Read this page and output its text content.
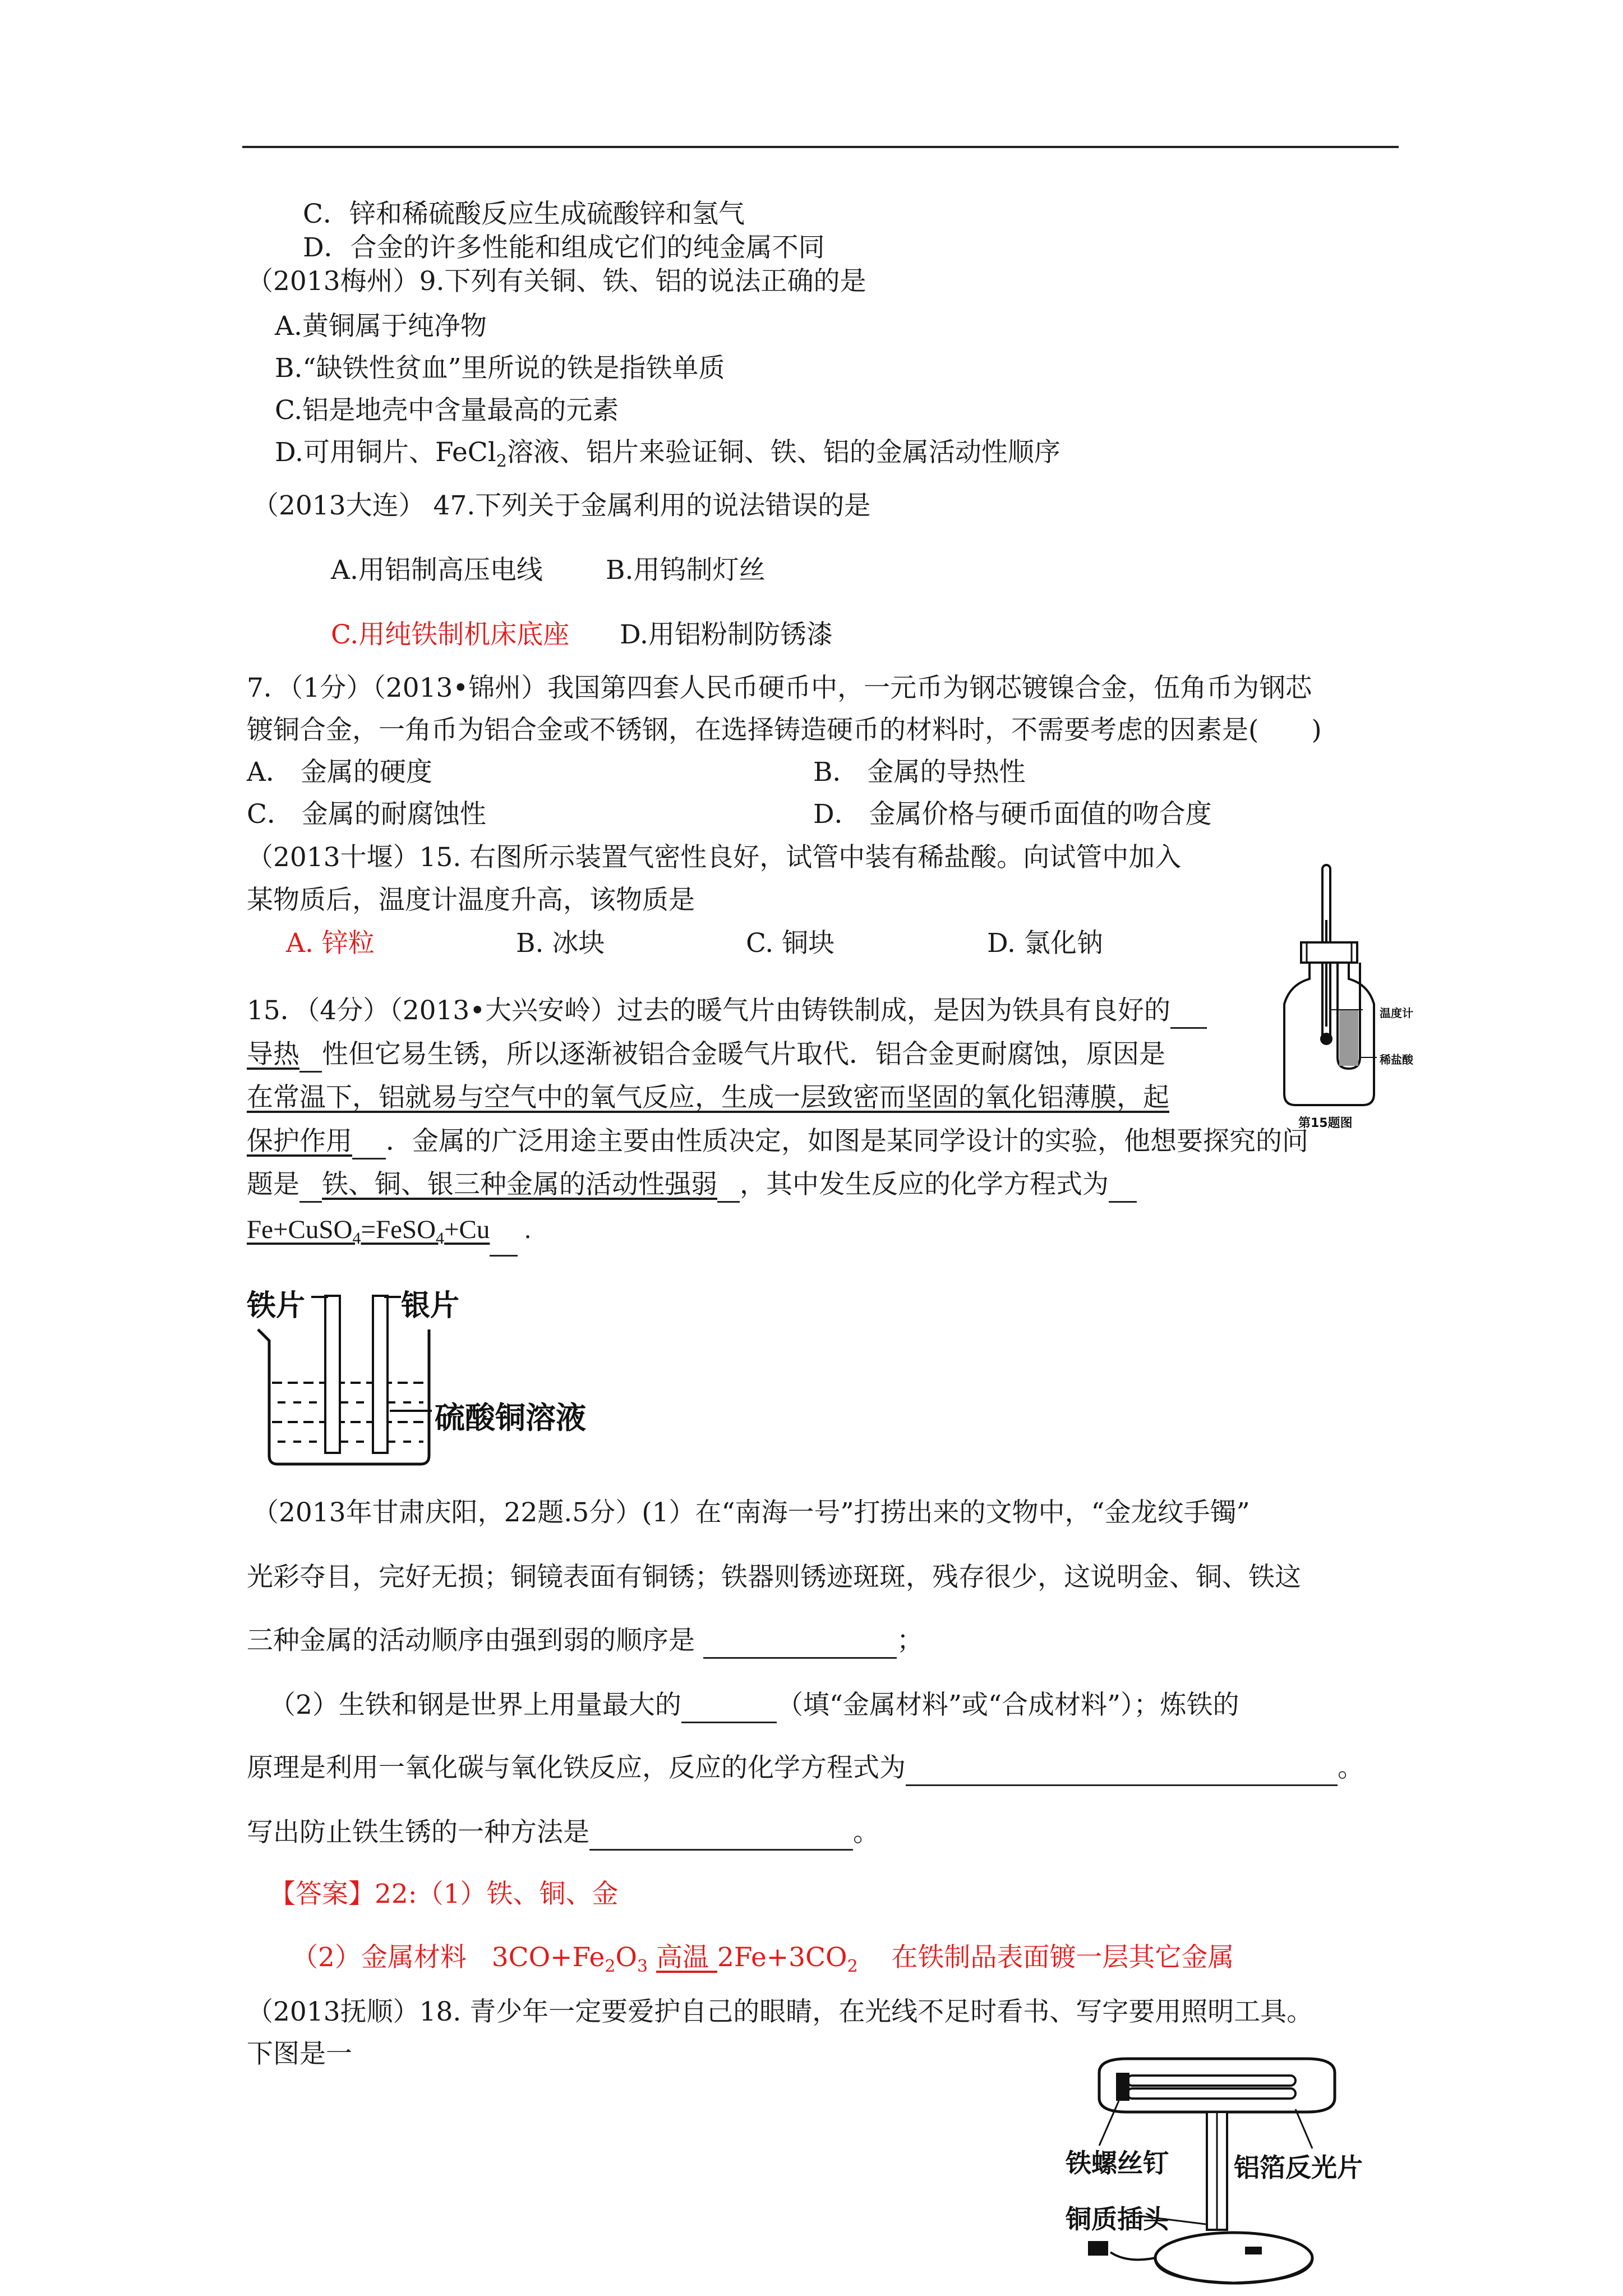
C．锌和稀硫酸反应生成硫酸锌和氢气
D．合金的许多性能和组成它们的纯金属不同
（2013梅州）9.下列有关铜、铁、铝的说法正确的是
A.黄铜属于纯净物
B.“缺铁性贫血”里所说的铁是指铁单质
C.铝是地壳中含量最高的元素
D.可用铜片、FeCl$_2$溶液、铝片来验证铜、铁、铝的金属活动性顺序
（2013大连） 47.下列关于金属利用的说法错误的是
A.用铝制高压电线 B.用钨制灯丝
C.用纯铁制机床底座 D.用铝粉制防锈漆
7．（1分）（2013•锦州）我国第四套人民币硬币中，一元币为钢芯镀镍合金，伍角币为钢芯
镀铜合金，一角币为铝合金或不锈钢，在选择铸造硬币的材料时，不需要考虑的因素是(　　)
A． 金属的硬度	B． 金属的导热性
C． 金属的耐腐蚀性	D． 金属价格与硬币面值的吻合度
（2013十堰）15. 右图所示装置气密性良好，试管中装有稀盐酸。向试管中加入
某物质后，温度计温度升高，该物质是
A. 锌粒	B. 冰块	C. 铜块	D. 氯化钠
温度计
稀盐酸
第15题图
15．（4分）（2013•大兴安岭）过去的暖气片由铸铁制成，是因为铁具有良好的
导热 性但它易生锈，所以逐渐被铝合金暖气片取代．铝合金更耐腐蚀，原因是
在常温下，铝就易与空气中的氧气反应，生成一层致密而坚固的氧化铝薄膜，起
保护作用 ．金属的广泛用途主要由性质决定，如图是某同学设计的实验，他想要探究的问
题是 铁、铜、银三种金属的活动性强弱 ，其中发生反应的化学方程式为
Fe+CuSO$_4$=FeSO$_4$+Cu .
铁片	银片
硫酸铜溶液
（2013年甘肃庆阳，22题.5分）(1）在“南海一号”打捞出来的文物中，“金龙纹手镯”
光彩夺目，完好无损；铜镜表面有铜锈；铁器则锈迹斑斑，残存很少，这说明金、铜、铁这
三种金属的活动顺序由强到弱的顺序是	；
（2）生铁和钢是世界上用量最大的	（填“金属材料”或“合成材料”）；炼铁的
原理是利用一氧化碳与氧化铁反应，反应的化学方程式为	。
写出防止铁生锈的一种方法是	。
【答案】22:（1）铁、铜、金
（2）金属材料 $3CO+Fe_2O_3$ 高温 $2Fe+3CO_2$ 在铁制品表面镀一层其它金属
（2013抚顺）18. 青少年一定要爱护自己的眼睛，在光线不足时看书、写字要用照明工具。
下图是一
铁螺丝钉	铝箔反光片
铜质插头
